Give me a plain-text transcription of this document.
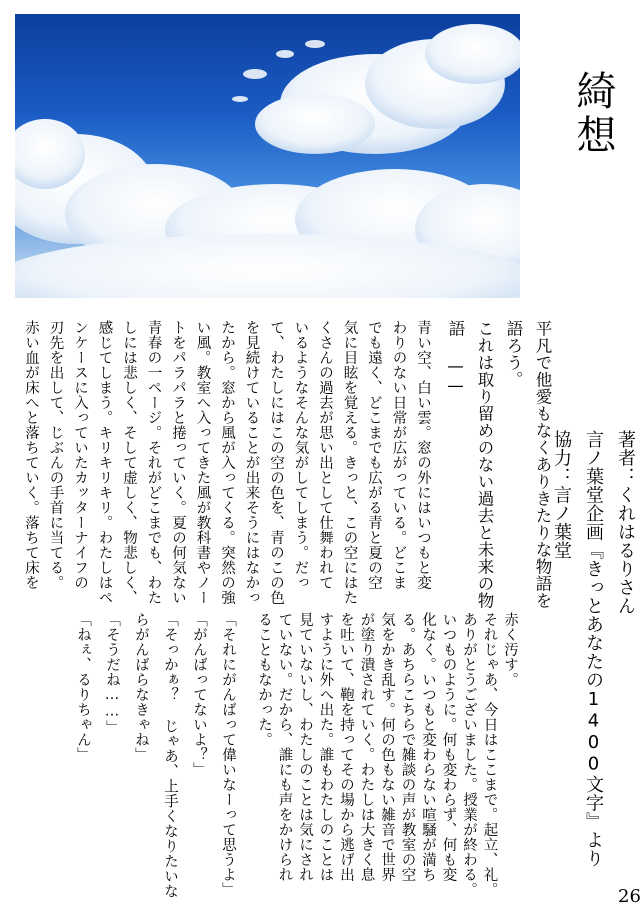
綺想
著者：くれはるりさん
言ノ葉堂企画『きっとあなたの1400文字』より
協力：言ノ葉堂
平凡で他愛もなくありきたりな物語を
語ろう。
これは取り留めのない過去と未来の物
語 ——
青い空、白い雲。窓の外にはいつもと変
わりのない日常が広がっている。どこま
でも遠く、どこまでも広がる青と夏の空
気に目眩を覚える。きっと、この空にはた
くさんの過去が思い出として仕舞われて
いるようなそんな気がしてしまう。だっ
て、わたしにはこの空の色を、青のこの色
を見続けていることが出来そうにはなかっ
たから。窓から風が入ってくる。突然の強
い風。教室へ入ってきた風が教科書やノー
トをパラパラと捲っていく。夏の何気ない
青春の一ページ。それがどこまでも、わた
しには悲しく、そして虚しく、物悲しく、
感じてしまう。キリキリキリ。わたしはペ
ンケースに入っていたカッターナイフの
刃先を出して、じぶんの手首に当てる。
赤い血が床へと落ちていく。落ちて床を
赤く汚す。
それじゃあ、今日はここまで。起立、礼。
ありがとうございました。授業が終わる。
いつものように。何も変わらず、何も変
化なく。いつもと変わらない喧騒が満ち
る。あちらこちらで雑談の声が教室の空
気をかき乱す。何の色もない雑音で世界
が塗り潰されていく。わたしは大きく息
を吐いて、鞄を持ってその場から逃げ出
すように外へ出た。誰もわたしのことは
見ていないし、わたしのことは気にされ
ていない。だから、誰にも声をかけられ
ることもなかった。
「それにがんばって偉いなーって思うよ」
「がんばってないよ？」
「そっかぁ？ じゃあ、上手くなりたいな
らがんばらなきゃね」
「そうだね……」
「ねぇ、るりちゃん」
26
